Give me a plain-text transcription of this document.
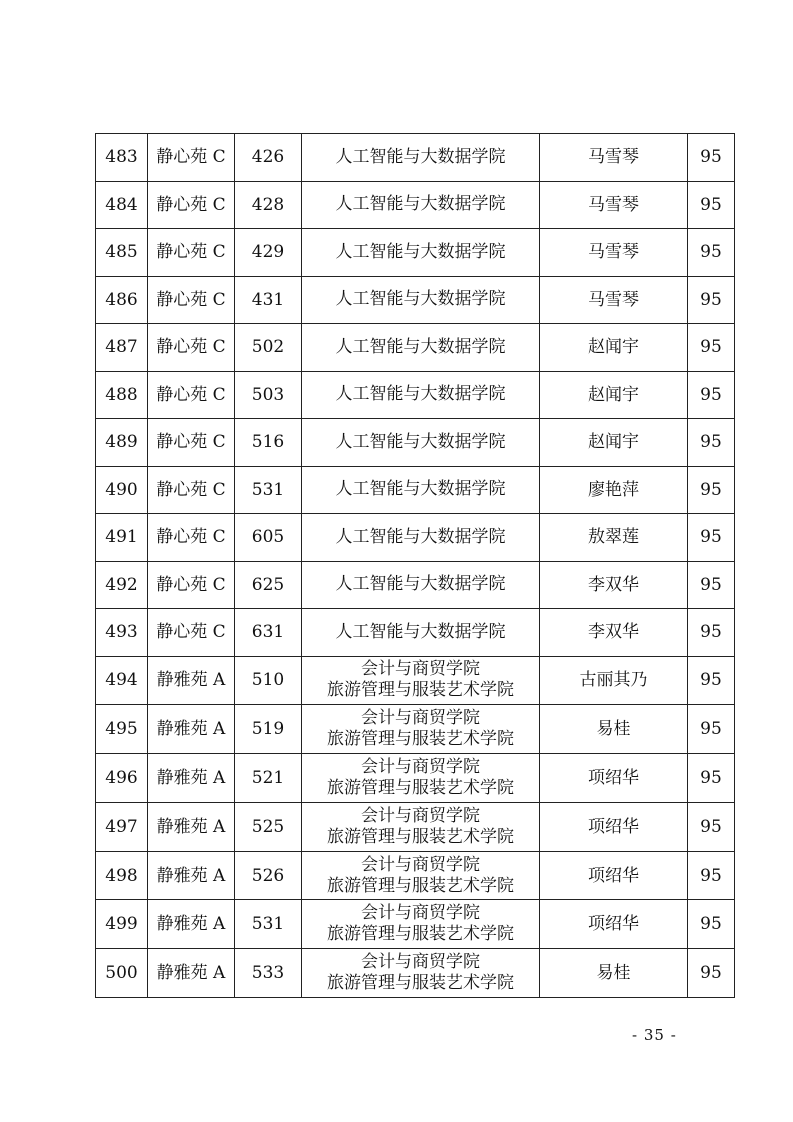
483	静心苑 C	426	人工智能与大数据学院	马雪琴	95
484	静心苑 C	428	人工智能与大数据学院	马雪琴	95
485	静心苑 C	429	人工智能与大数据学院	马雪琴	95
486	静心苑 C	431	人工智能与大数据学院	马雪琴	95
487	静心苑 C	502	人工智能与大数据学院	赵闻宇	95
488	静心苑 C	503	人工智能与大数据学院	赵闻宇	95
489	静心苑 C	516	人工智能与大数据学院	赵闻宇	95
490	静心苑 C	531	人工智能与大数据学院	廖艳萍	95
491	静心苑 C	605	人工智能与大数据学院	敖翠莲	95
492	静心苑 C	625	人工智能与大数据学院	李双华	95
493	静心苑 C	631	人工智能与大数据学院	李双华	95
494	静雅苑 A	510	会计与商贸学院
旅游管理与服装艺术学院	古丽其乃	95
495	静雅苑 A	519	会计与商贸学院
旅游管理与服装艺术学院	易桂	95
496	静雅苑 A	521	会计与商贸学院
旅游管理与服装艺术学院	项绍华	95
497	静雅苑 A	525	会计与商贸学院
旅游管理与服装艺术学院	项绍华	95
498	静雅苑 A	526	会计与商贸学院
旅游管理与服装艺术学院	项绍华	95
499	静雅苑 A	531	会计与商贸学院
旅游管理与服装艺术学院	项绍华	95
500	静雅苑 A	533	会计与商贸学院
旅游管理与服装艺术学院	易桂	95
- 35 -
